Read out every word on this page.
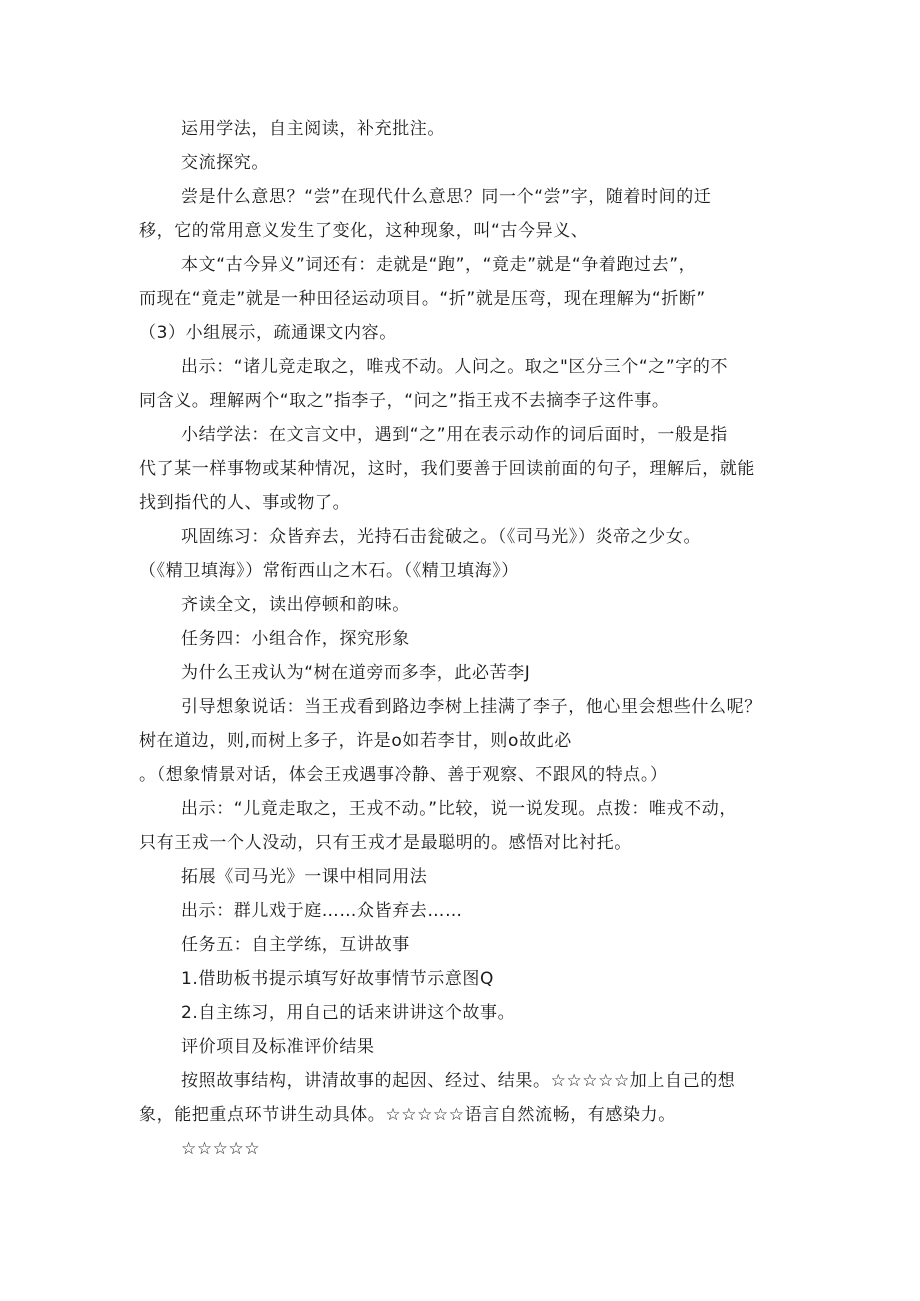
运用学法，自主阅读，补充批注。
交流探究。
尝是什么意思？“尝”在现代什么意思？同一个“尝”字，随着时间的迁
移，它的常用意义发生了变化，这种现象，叫“古今异义、
本文“古今异义”词还有：走就是“跑”，“竟走”就是“争着跑过去”，
而现在“竟走”就是一种田径运动项目。“折”就是压弯，现在理解为“折断”
（3）小组展示，疏通课文内容。
出示：“诸儿竞走取之，唯戎不动。人问之。取之"区分三个“之”字的不
同含义。理解两个“取之”指李子，“问之”指王戎不去摘李子这件事。
小结学法：在文言文中，遇到“之”用在表示动作的词后面时，一般是指
代了某一样事物或某种情况，这时，我们要善于回读前面的句子，理解后，就能
找到指代的人、事或物了。
巩固练习：众皆弃去，光持石击瓮破之。（《司马光》）炎帝之少女。
（《精卫填海》）常衔西山之木石。（《精卫填海》）
齐读全文，读出停顿和韵味。
任务四：小组合作，探究形象
为什么王戎认为“树在道旁而多李，此必苦李J
引导想象说话：当王戎看到路边李树上挂满了李子，他心里会想些什么呢？
树在道边，则,而树上多子，许是o如若李甘，则o故此必
。（想象情景对话，体会王戎遇事冷静、善于观察、不跟风的特点。）
出示：“儿竟走取之，王戎不动。”比较，说一说发现。点拨：唯戎不动，
只有王戎一个人没动，只有王戎才是最聪明的。感悟对比衬托。
拓展《司马光》一课中相同用法
出示：群儿戏于庭……众皆弃去……
任务五：自主学练，互讲故事
1.借助板书提示填写好故事情节示意图Q
2.自主练习，用自己的话来讲讲这个故事。
评价项目及标准评价结果
按照故事结构，讲清故事的起因、经过、结果。☆☆☆☆☆加上自己的想
象，能把重点环节讲生动具体。☆☆☆☆☆语言自然流畅，有感染力。
☆☆☆☆☆
